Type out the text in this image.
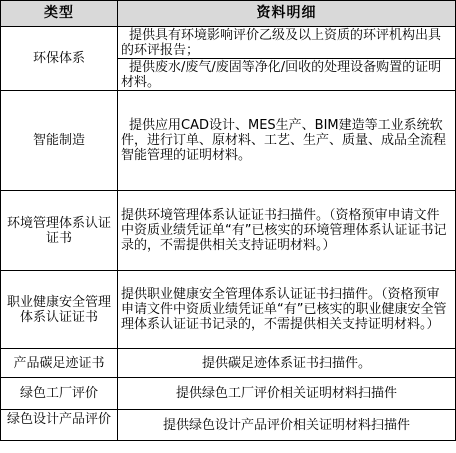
类型	资料明细
环保体系	提供具有环境影响评价乙级及以上资质的环评机构出具的环评报告；
	提供废水/废气/废固等净化/回收的处理设备购置的证明材料。
智能制造	提供应用CAD设计、MES生产、BIM建造等工业系统软件，进行订单、原材料、工艺、生产、质量、成品全流程智能管理的证明材料。
环境管理体系认证证书	提供环境管理体系认证证书扫描件。（资格预审申请文件中资质业绩凭证单“有”已核实的环境管理体系认证证书记录的，不需提供相关支持证明材料。）
职业健康安全管理体系认证证书	提供职业健康安全管理体系认证证书扫描件。（资格预审申请文件中资质业绩凭证单“有”已核实的职业健康安全管理体系认证证书记录的，不需提供相关支持证明材料。）
产品碳足迹证书	提供碳足迹体系证书扫描件。
绿色工厂评价	提供绿色工厂评价相关证明材料扫描件
绿色设计产品评价	提供绿色设计产品评价相关证明材料扫描件
